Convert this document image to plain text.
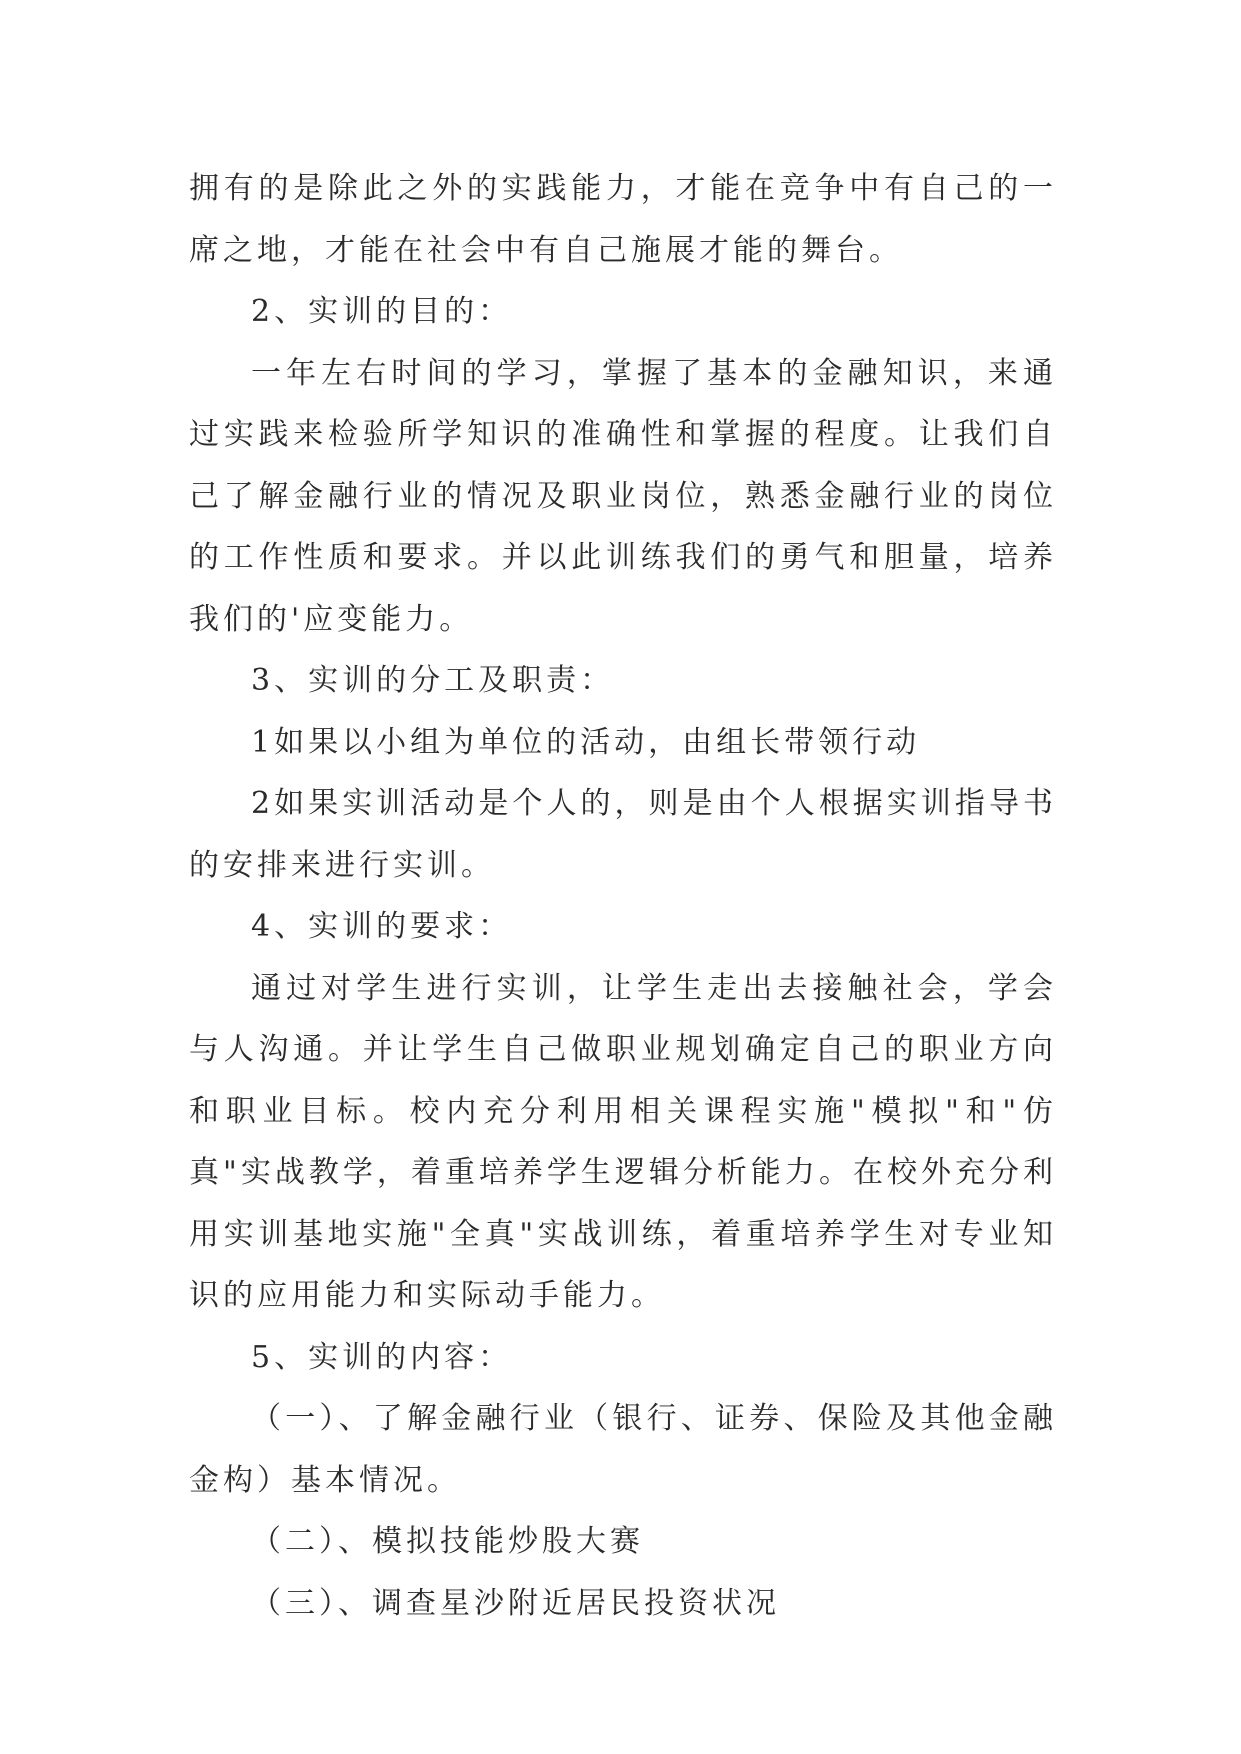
拥有的是除此之外的实践能力，才能在竞争中有自己的一席之地，才能在社会中有自己施展才能的舞台。

2、实训的目的：

一年左右时间的学习，掌握了基本的金融知识，来通过实践来检验所学知识的准确性和掌握的程度。让我们自己了解金融行业的情况及职业岗位，熟悉金融行业的岗位的工作性质和要求。并以此训练我们的勇气和胆量，培养我们的'应变能力。

3、实训的分工及职责：

1如果以小组为单位的活动，由组长带领行动

2如果实训活动是个人的，则是由个人根据实训指导书的安排来进行实训。

4、实训的要求：

通过对学生进行实训，让学生走出去接触社会，学会与人沟通。并让学生自己做职业规划确定自己的职业方向和职业目标。校内充分利用相关课程实施"模拟"和"仿真"实战教学，着重培养学生逻辑分析能力。在校外充分利用实训基地实施"全真"实战训练，着重培养学生对专业知识的应用能力和实际动手能力。

5、实训的内容：

（一）、了解金融行业（银行、证券、保险及其他金融金构）基本情况。

（二）、模拟技能炒股大赛

（三）、调查星沙附近居民投资状况
